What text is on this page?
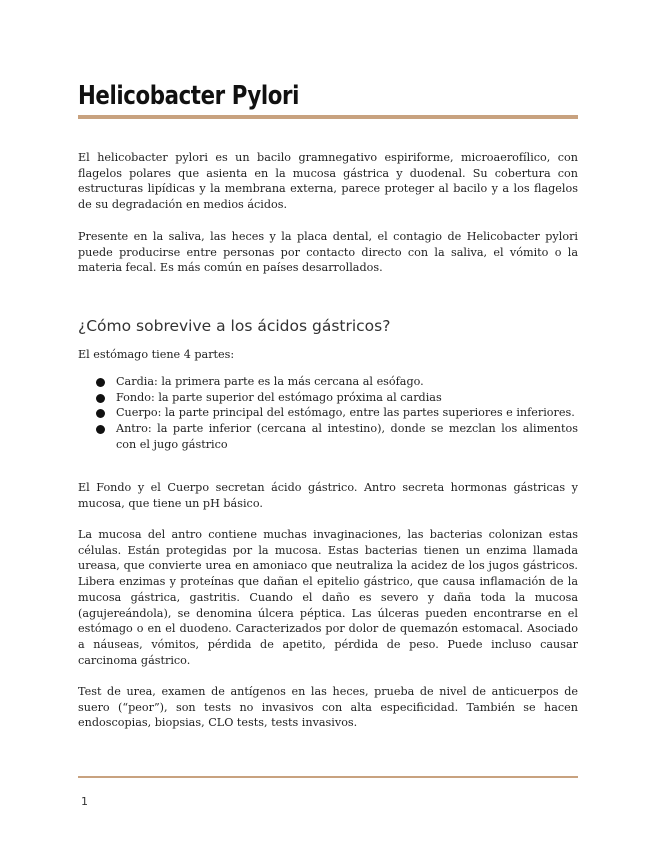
Helicobacter Pylori

El helicobacter pylori es un bacilo gramnegativo espiriforme, microaerofílico, con flagelos polares que asienta en la mucosa gástrica y duodenal. Su cobertura con estructuras lipídicas y la membrana externa, parece proteger al bacilo y a los flagelos de su degradación en medios ácidos.

Presente en la saliva, las heces y la placa dental, el contagio de Helicobacter pylori puede producirse entre personas por contacto directo con la saliva, el vómito o la materia fecal. Es más común en países desarrollados.

¿Cómo sobrevive a los ácidos gástricos?

El estómago tiene 4 partes:

Cardia: la primera parte es la más cercana al esófago.
Fondo: la parte superior del estómago próxima al cardias
Cuerpo: la parte principal del estómago, entre las partes superiores e inferiores.
Antro: la parte inferior (cercana al intestino), donde se mezclan los alimentos con el jugo gástrico

El Fondo y el Cuerpo secretan ácido gástrico. Antro secreta hormonas gástricas y mucosa, que tiene un pH básico.

La mucosa del antro contiene muchas invaginaciones, las bacterias colonizan estas células. Están protegidas por la mucosa. Estas bacterias tienen un enzima llamada ureasa, que convierte urea en amoniaco que neutraliza la acidez de los jugos gástricos. Libera enzimas y proteínas que dañan el epitelio gástrico, que causa inflamación de la mucosa gástrica, gastritis. Cuando el daño es severo y daña toda la mucosa (agujereándola), se denomina úlcera péptica. Las úlceras pueden encontrarse en el estómago o en el duodeno. Caracterizados por dolor de quemazón estomacal. Asociado a náuseas, vómitos, pérdida de apetito, pérdida de peso. Puede incluso causar carcinoma gástrico.

Test de urea, examen de antígenos en las heces, prueba de nivel de anticuerpos de suero (“peor”), son tests no invasivos con alta especificidad. También se hacen endoscopias, biopsias, CLO tests, tests invasivos.

1
